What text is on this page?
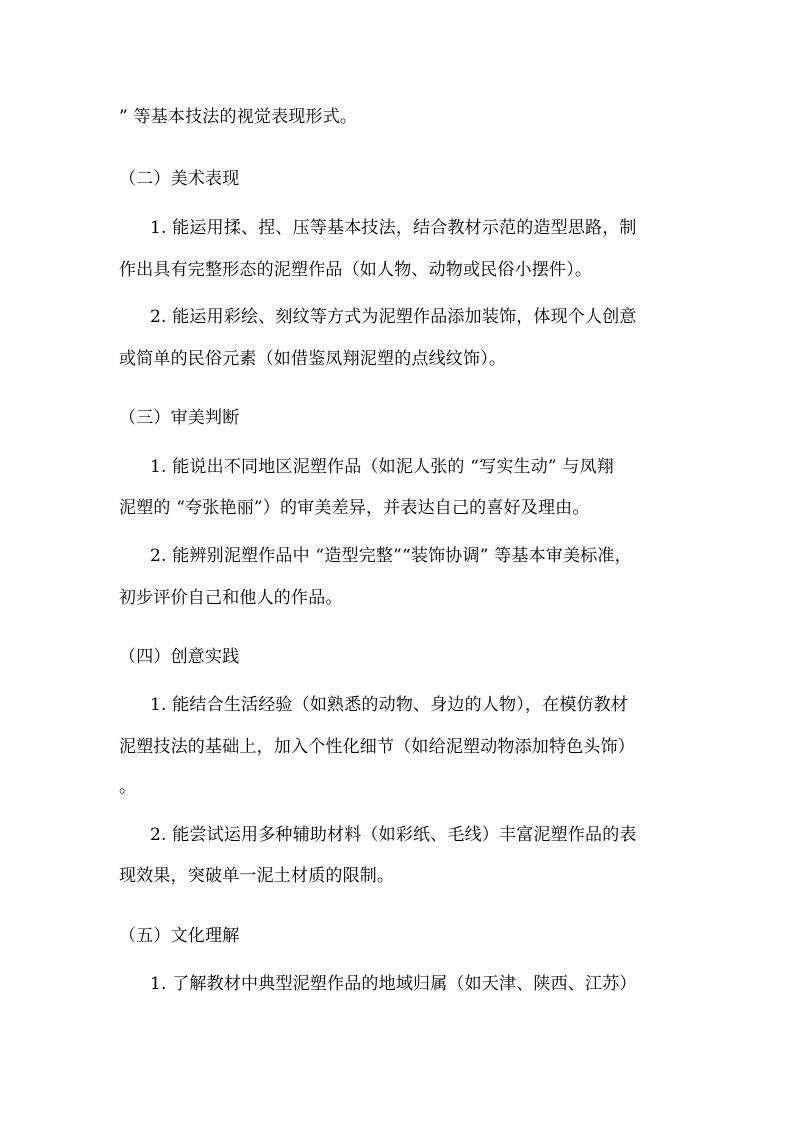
” 等基本技法的视觉表现形式。
（二）美术表现
1. 能运用揉、捏、压等基本技法，结合教材示范的造型思路，制
作出具有完整形态的泥塑作品（如人物、动物或民俗小摆件）。
2. 能运用彩绘、刻纹等方式为泥塑作品添加装饰，体现个人创意
或简单的民俗元素（如借鉴凤翔泥塑的点线纹饰）。
（三）审美判断
1. 能说出不同地区泥塑作品（如泥人张的 “写实生动” 与凤翔
泥塑的 “夸张艳丽”）的审美差异，并表达自己的喜好及理由。
2. 能辨别泥塑作品中 “造型完整”“装饰协调” 等基本审美标准，
初步评价自己和他人的作品。
（四）创意实践
1. 能结合生活经验（如熟悉的动物、身边的人物），在模仿教材
泥塑技法的基础上，加入个性化细节（如给泥塑动物添加特色头饰）
。
2. 能尝试运用多种辅助材料（如彩纸、毛线）丰富泥塑作品的表
现效果，突破单一泥土材质的限制。
（五）文化理解
1. 了解教材中典型泥塑作品的地域归属（如天津、陕西、江苏）
